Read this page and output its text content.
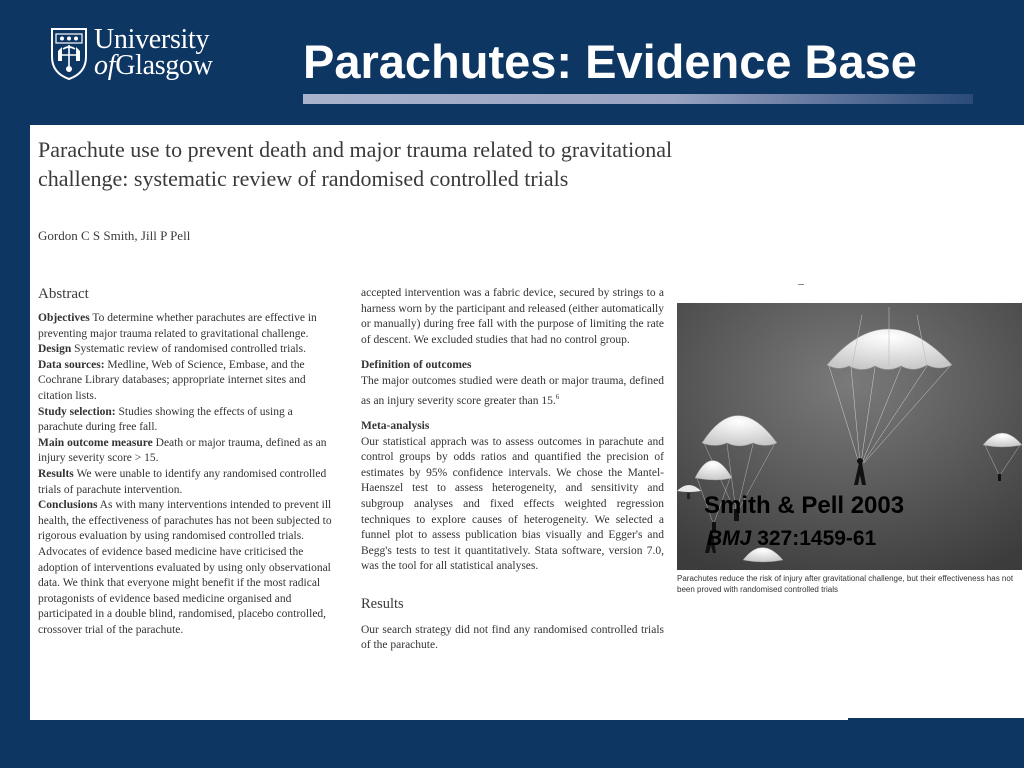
University
ofGlasgow Parachutes: Evidence Base
Parachute use to prevent death and major trauma related to gravitational challenge: systematic review of randomised controlled trials
Gordon C S Smith, Jill P Pell
Abstract

Objectives To determine whether parachutes are effective in preventing major trauma related to gravitational challenge.

Design Systematic review of randomised controlled trials.

Data sources: Medline, Web of Science, Embase, and the Cochrane Library databases; appropriate internet sites and citation lists.

Study selection: Studies showing the effects of using a parachute during free fall.

Main outcome measure Death or major trauma, defined as an injury severity score > 15.

Results We were unable to identify any randomised controlled trials of parachute intervention.

Conclusions As with many interventions intended to prevent ill health, the effectiveness of parachutes has not been subjected to rigorous evaluation by using randomised controlled trials. Advocates of evidence based medicine have criticised the adoption of interventions evaluated by using only observational data. We think that everyone might benefit if the most radical protagonists of evidence based medicine organised and participated in a double blind, randomised, placebo controlled, crossover trial of the parachute.

accepted intervention was a fabric device, secured by strings to a harness worn by the participant and released (either automatically or manually) during free fall with the purpose of limiting the rate of descent. We excluded studies that had no control group.

Definition of outcomes

The major outcomes studied were death or major trauma, defined as an injury severity score greater than 15.$^6$

Meta-analysis

Our statistical apprach was to assess outcomes in parachute and control groups by odds ratios and quantified the precision of estimates by 95% confidence intervals. We chose the Mantel-Haenszel test to assess heterogeneity, and sensitivity and subgroup analyses and fixed effects weighted regression techniques to explore causes of heterogeneity. We selected a funnel plot to assess publication bias visually and Egger's and Begg's tests to test it quantitatively. Stata software, version 7.0, was the tool for all statistical analyses.

Results

Our search strategy did not find any randomised controlled trials of the parachute.

Parachutes reduce the risk of injury after gravitational challenge, but their effectiveness has not been proved with randomised controlled trials
Smith & Pell 2003
BMJ 327:1459-61
